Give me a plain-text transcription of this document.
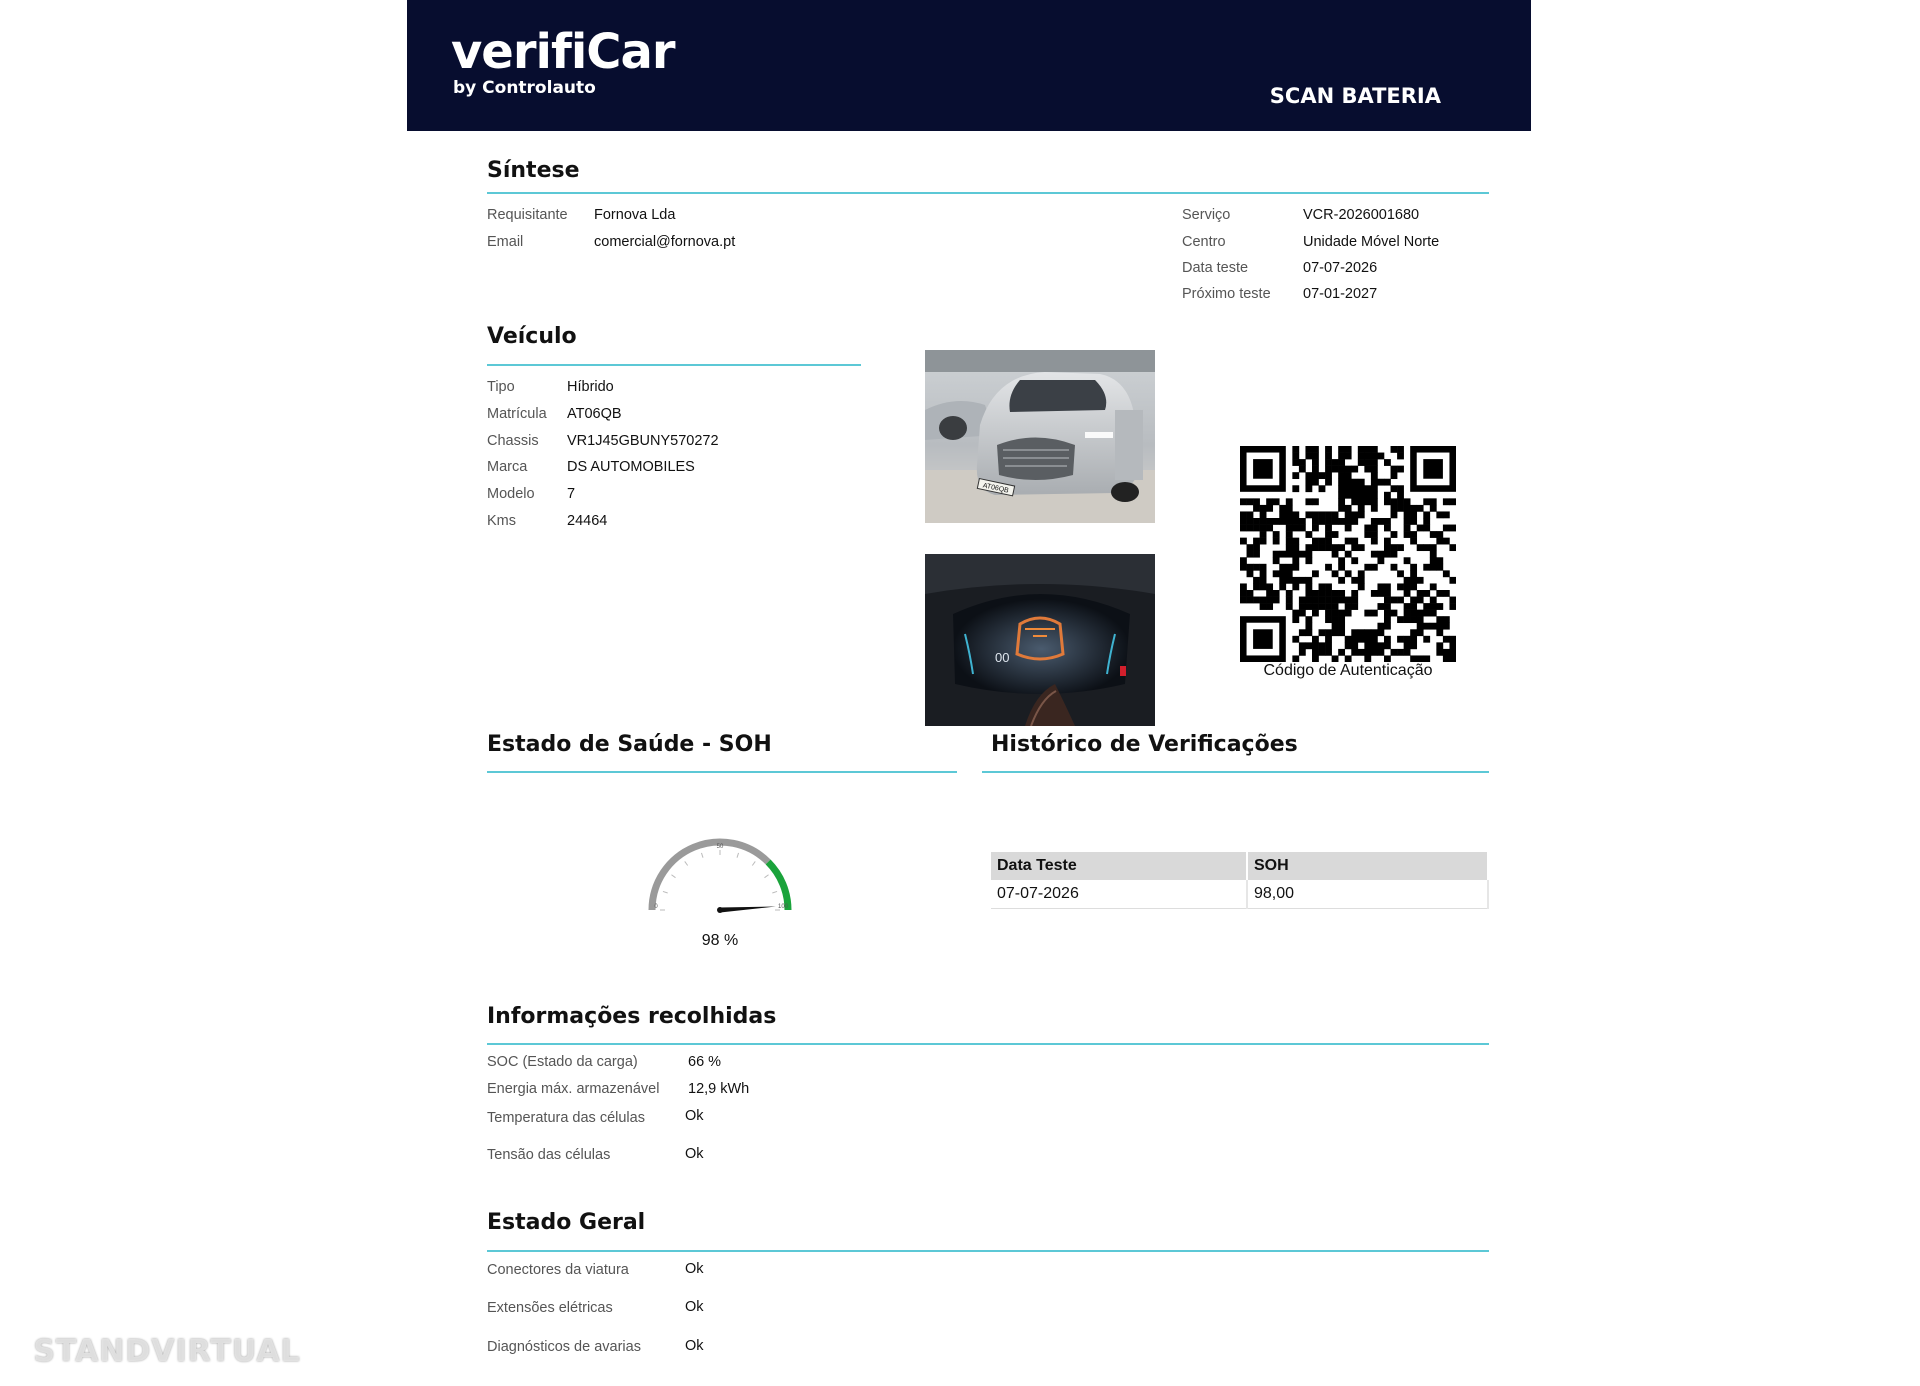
verifiCar
by Controlauto	SCAN BATERIA
Síntese
Requisitante Fornova Lda
Email	comercial@fornova.pt
Serviço	VCR-2026001680
Centro	Unidade Móvel Norte
Data teste	07-07-2026
Próximo teste 07-01-2027
Veículo
Tipo	Híbrido
Matrícula AT06QB
Chassis VR1J45GBUNY570272
Marca	DS AUTOMOBILES
Modelo 7
Kms	24464
AT06QB
00
Código de Autenticação
Estado de Saúde - SOH
0
50
100
98 %
Histórico de Verificações
Data Teste	SOH
07-07-2026	98,00
Informações recolhidas
SOC (Estado da carga)	66 %
Energia máx. armazenável 12,9 kWh
Temperatura das células	Ok
Tensão das células	Ok
Estado Geral
Conectores da viatura	Ok
Extensões elétricas	Ok
Diagnósticos de avarias	Ok
STANDVIRTUAL
